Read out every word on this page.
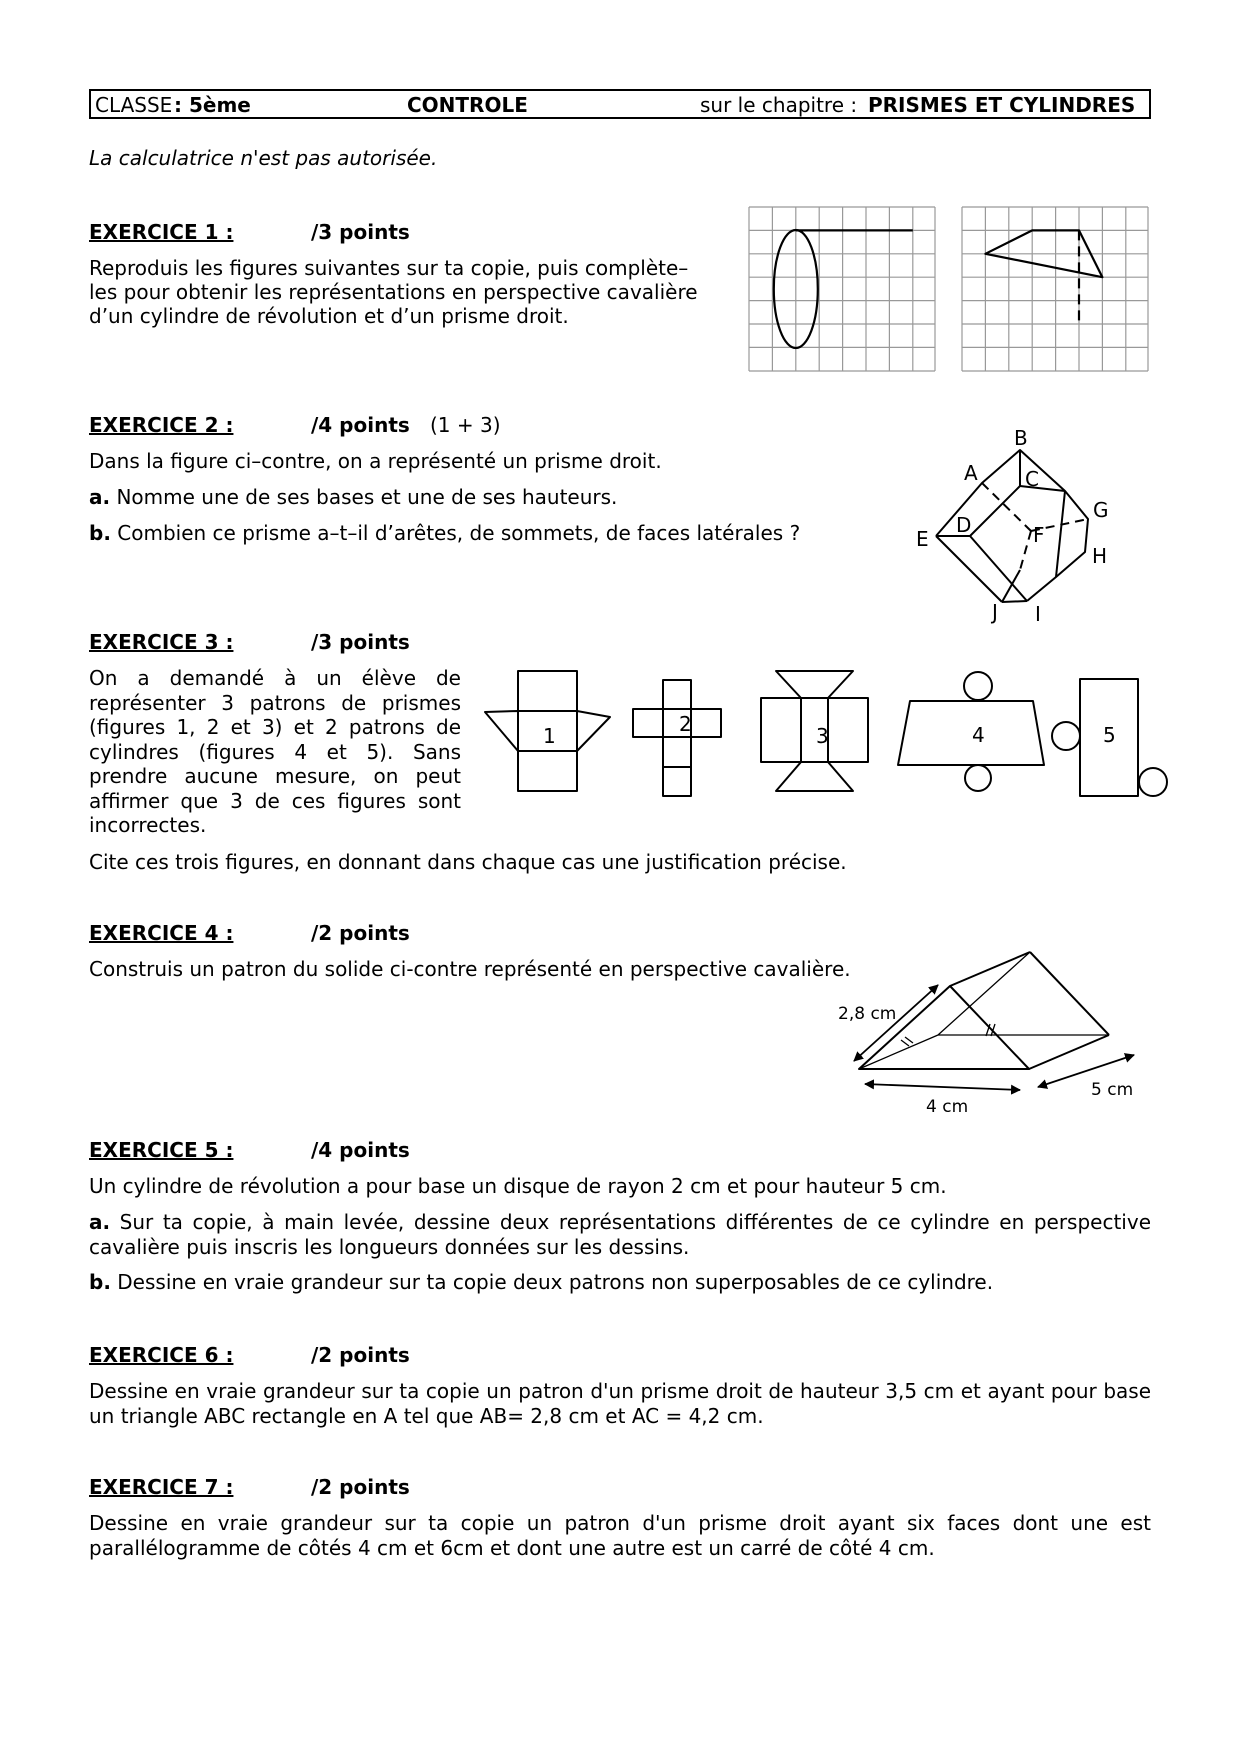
CLASSE : 5ème	CONTROLE	sur le chapitre : PRISMES ET CYLINDRES
La calculatrice n'est pas autorisée.
EXERCICE 1 :	/3 points
Reproduis les figures suivantes sur ta copie, puis complète–
les pour obtenir les représentations en perspective cavalière
d’un cylindre de révolution et d’un prisme droit.
EXERCICE 2 :	/4 points (1 + 3)
Dans la figure ci–contre, on a représenté un prisme droit.
a. Nomme une de ses bases et une de ses hauteurs.
b. Combien ce prisme a–t–il d’arêtes, de sommets, de faces latérales ?
A
B
C
D
E	F
G
H
I
J
EXERCICE 3 :	/3 points
On a demandé à un élève de représenter 3 patrons de prismes (figures 1, 2 et 3) et 2 patrons de cylindres (figures 4 et 5). Sans prendre aucune mesure, on peut affirmer que 3 de ces figures sont incorrectes.
Cite ces trois figures, en donnant dans chaque cas une justification précise.
1	2	3	4	5
EXERCICE 4 :	/2 points
Construis un patron du solide ci-contre représenté en perspective cavalière.
2,8 cm
4 cm
5 cm
EXERCICE 5 :	/4 points
Un cylindre de révolution a pour base un disque de rayon 2 cm et pour hauteur 5 cm.
a. Sur ta copie, à main levée, dessine deux représentations différentes de ce cylindre en perspective cavalière puis inscris les longueurs données sur les dessins.
b. Dessine en vraie grandeur sur ta copie deux patrons non superposables de ce cylindre.
EXERCICE 6 :	/2 points
Dessine en vraie grandeur sur ta copie un patron d'un prisme droit de hauteur 3,5 cm et ayant pour base un triangle ABC rectangle en A tel que AB= 2,8 cm et AC = 4,2 cm.
EXERCICE 7 :	/2 points
Dessine en vraie grandeur sur ta copie un patron d'un prisme droit ayant six faces dont une est parallélogramme de côtés 4 cm et 6cm et dont une autre est un carré de côté 4 cm.
